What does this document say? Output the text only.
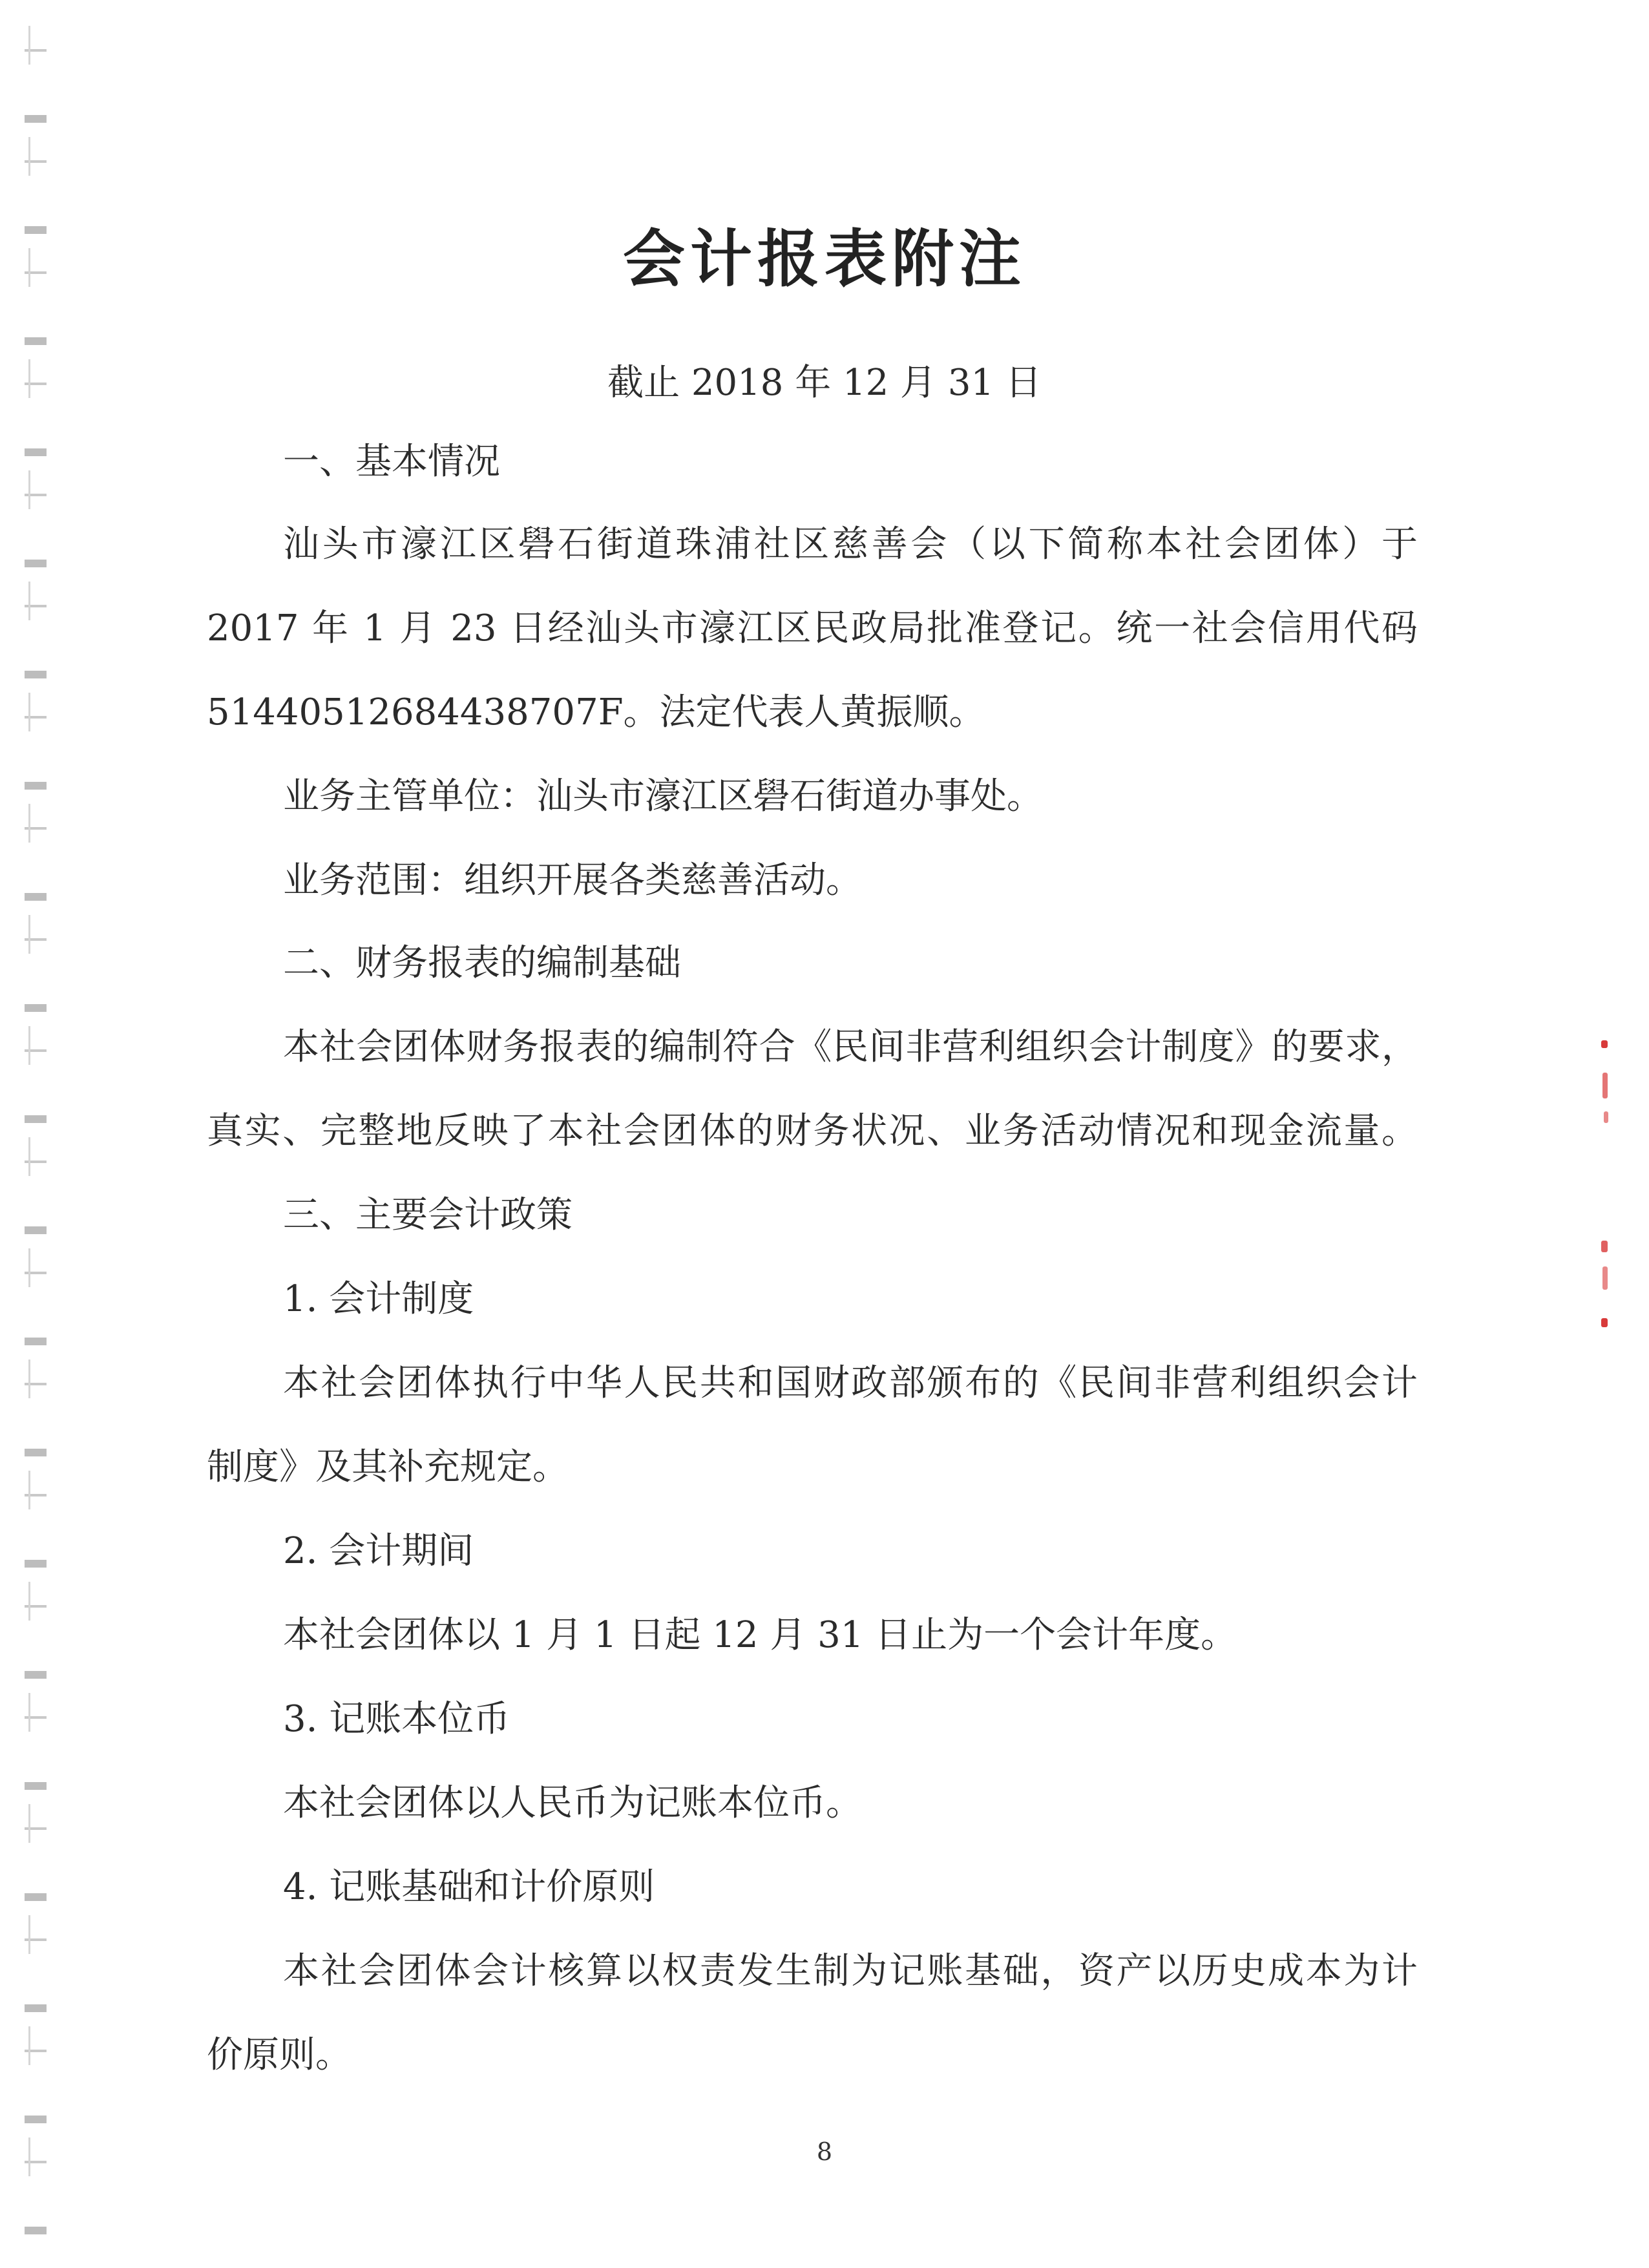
会计报表附注
截止 2018 年 12 月 31 日
一、基本情况
汕头市濠江区礐石街道珠浦社区慈善会（以下简称本社会团体）于
2017 年 1 月 23 日经汕头市濠江区民政局批准登记。统一社会信用代码
51440512684438707F。法定代表人黄振顺。
业务主管单位：汕头市濠江区礐石街道办事处。
业务范围：组织开展各类慈善活动。
二、财务报表的编制基础
本社会团体财务报表的编制符合《民间非营利组织会计制度》的要求，
真实、完整地反映了本社会团体的财务状况、业务活动情况和现金流量。
三、主要会计政策
1. 会计制度
本社会团体执行中华人民共和国财政部颁布的《民间非营利组织会计
制度》及其补充规定。
2. 会计期间
本社会团体以 1 月 1 日起 12 月 31 日止为一个会计年度。
3. 记账本位币
本社会团体以人民币为记账本位币。
4. 记账基础和计价原则
本社会团体会计核算以权责发生制为记账基础，资产以历史成本为计
价原则。
8
